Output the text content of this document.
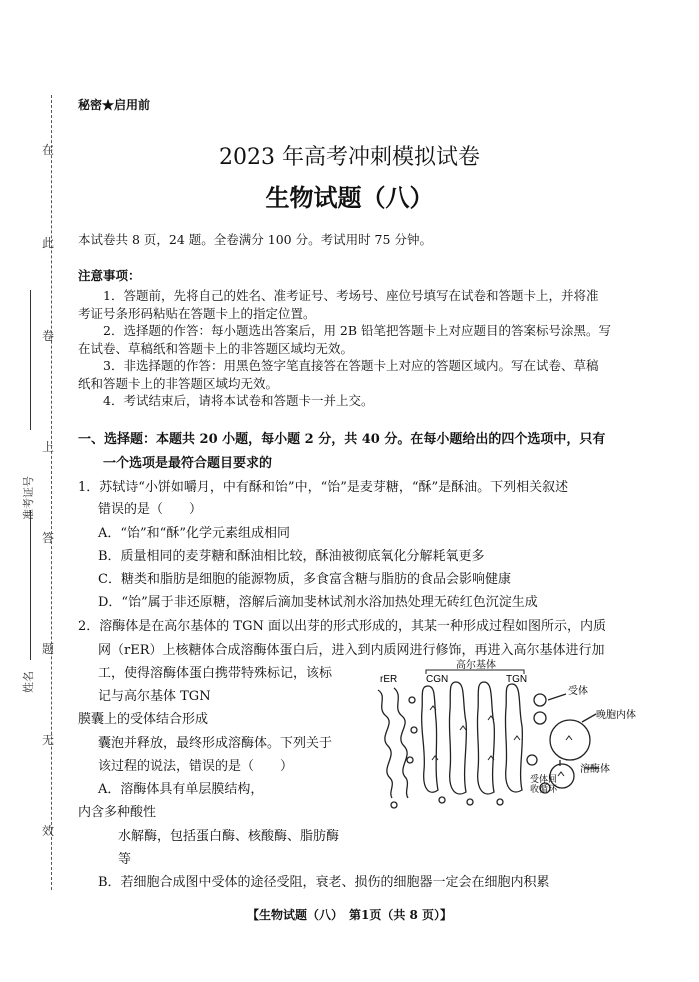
准考证号
姓名
在
此
卷
上
答
题
无
效
秘密★启用前
2023 年高考冲刺模拟试卷
生物试题（八）
本试卷共 8 页，24 题。全卷满分 100 分。考试用时 75 分钟。
注意事项：
1．答题前，先将自己的姓名、准考证号、考场号、座位号填写在试卷和答题卡上，并将准
考证号条形码粘贴在答题卡上的指定位置。
2．选择题的作答：每小题选出答案后，用 2B 铅笔把答题卡上对应题目的答案标号涂黑。写
在试卷、草稿纸和答题卡上的非答题区域均无效。
3．非选择题的作答：用黑色签字笔直接答在答题卡上对应的答题区域内。写在试卷、草稿
纸和答题卡上的非答题区域均无效。
4．考试结束后，请将本试卷和答题卡一并上交。
一、选择题：本题共 20 小题，每小题 2 分，共 40 分。在每小题给出的四个选项中，只有
一个选项是最符合题目要求的
1．苏轼诗“小饼如嚼月，中有酥和饴”中，“饴”是麦芽糖，“酥”是酥油。下列相关叙述
错误的是（　　）
A．“饴”和“酥”化学元素组成相同
B．质量相同的麦芽糖和酥油相比较，酥油被彻底氧化分解耗氧更多
C．糖类和脂肪是细胞的能源物质，多食富含糖与脂肪的食品会影响健康
D．“饴”属于非还原糖，溶解后滴加斐林试剂水浴加热处理无砖红色沉淀生成
2．溶酶体是在高尔基体的 TGN 面以出芽的形式形成的，其某一种形成过程如图所示，内质
网（rER）上核糖体合成溶酶体蛋白后，进入到内质网进行修饰，再进入高尔基体进行加
工，使得溶酶体蛋白携带特殊标记，该标
记与高尔基体 TGN
膜囊上的受体结合形成
囊泡并释放，最终形成溶酶体。下列关于
该过程的说法，错误的是（　　）
A．溶酶体具有单层膜结构，
内含多种酸性
水解酶，包括蛋白酶、核酸酶、脂肪酶
等
B．若细胞合成图中受体的途径受阻，衰老、损伤的细胞器一定会在细胞内积累
高尔基体
rER	CGN	TGN
受体
晚胞内体
溶酶体
受体回
收循环
【生物试题（八）　第1页（共 8 页）】
